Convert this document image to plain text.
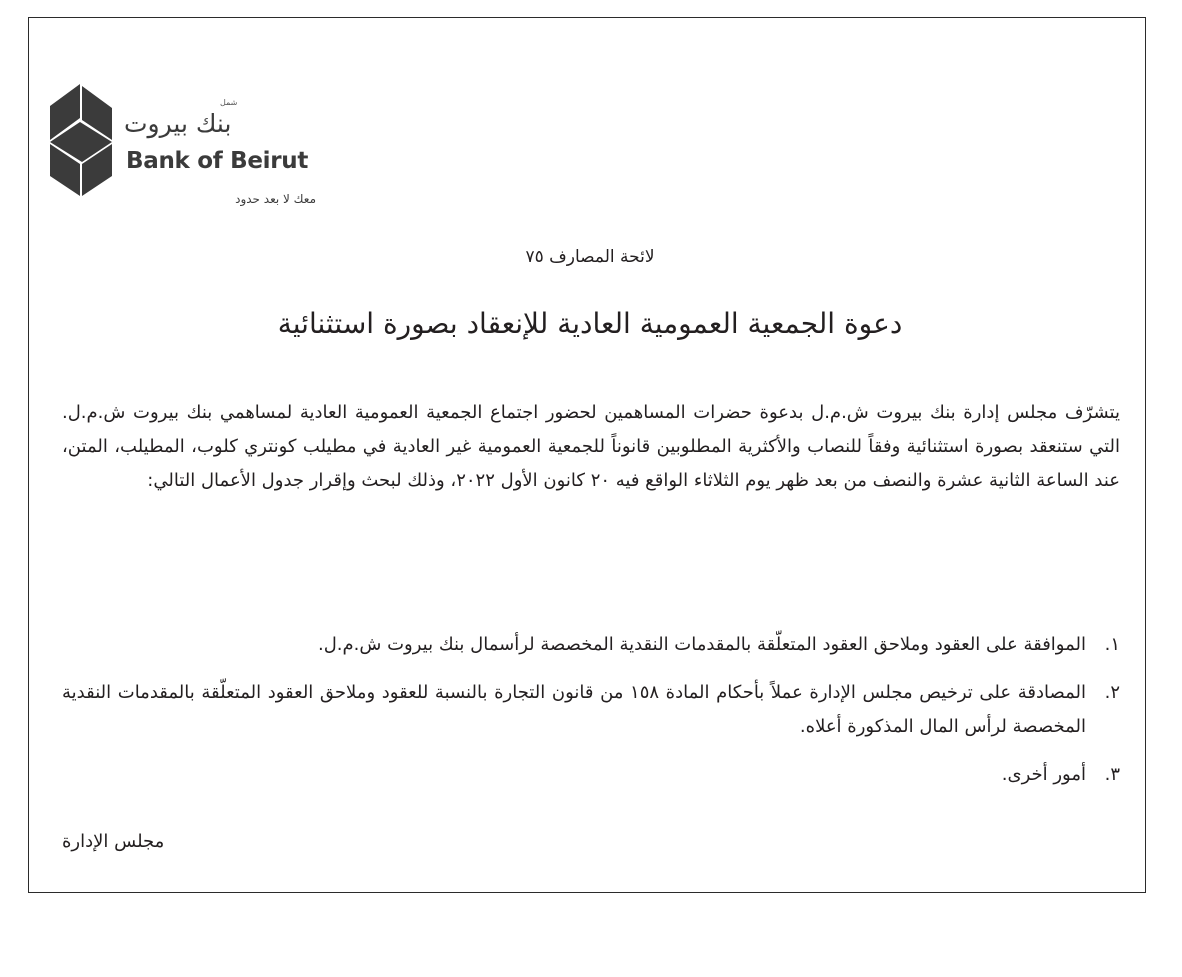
شمل
بنك بيروت
Bank of Beirut
معك لا بعد حدود
لائحة المصارف ٧٥
دعوة الجمعية العمومية العادية للإنعقاد بصورة استثنائية

يتشرّف مجلس إدارة بنك بيروت ش.م.ل بدعوة حضرات المساهمين لحضور اجتماع الجمعية العمومية العادية لمساهمي بنك بيروت ش.م.ل. التي ستنعقد بصورة استثنائية وفقاً للنصاب والأكثرية المطلوبين قانوناً للجمعية العمومية غير العادية في مطيلب كونتري كلوب، المطيلب، المتن، عند الساعة الثانية عشرة والنصف من بعد ظهر يوم الثلاثاء الواقع فيه ٢٠ كانون الأول ٢٠٢٢، وذلك لبحث وإقرار جدول الأعمال التالي:

١.
الموافقة على العقود وملاحق العقود المتعلّقة بالمقدمات النقدية المخصصة لرأسمال بنك بيروت ش.م.ل.
٢.
المصادقة على ترخيص مجلس الإدارة عملاً بأحكام المادة ١٥٨ من قانون التجارة بالنسبة للعقود وملاحق العقود المتعلّقة بالمقدمات النقدية المخصصة لرأس المال المذكورة أعلاه.
٣.
أمور أخرى.
مجلس الإدارة
